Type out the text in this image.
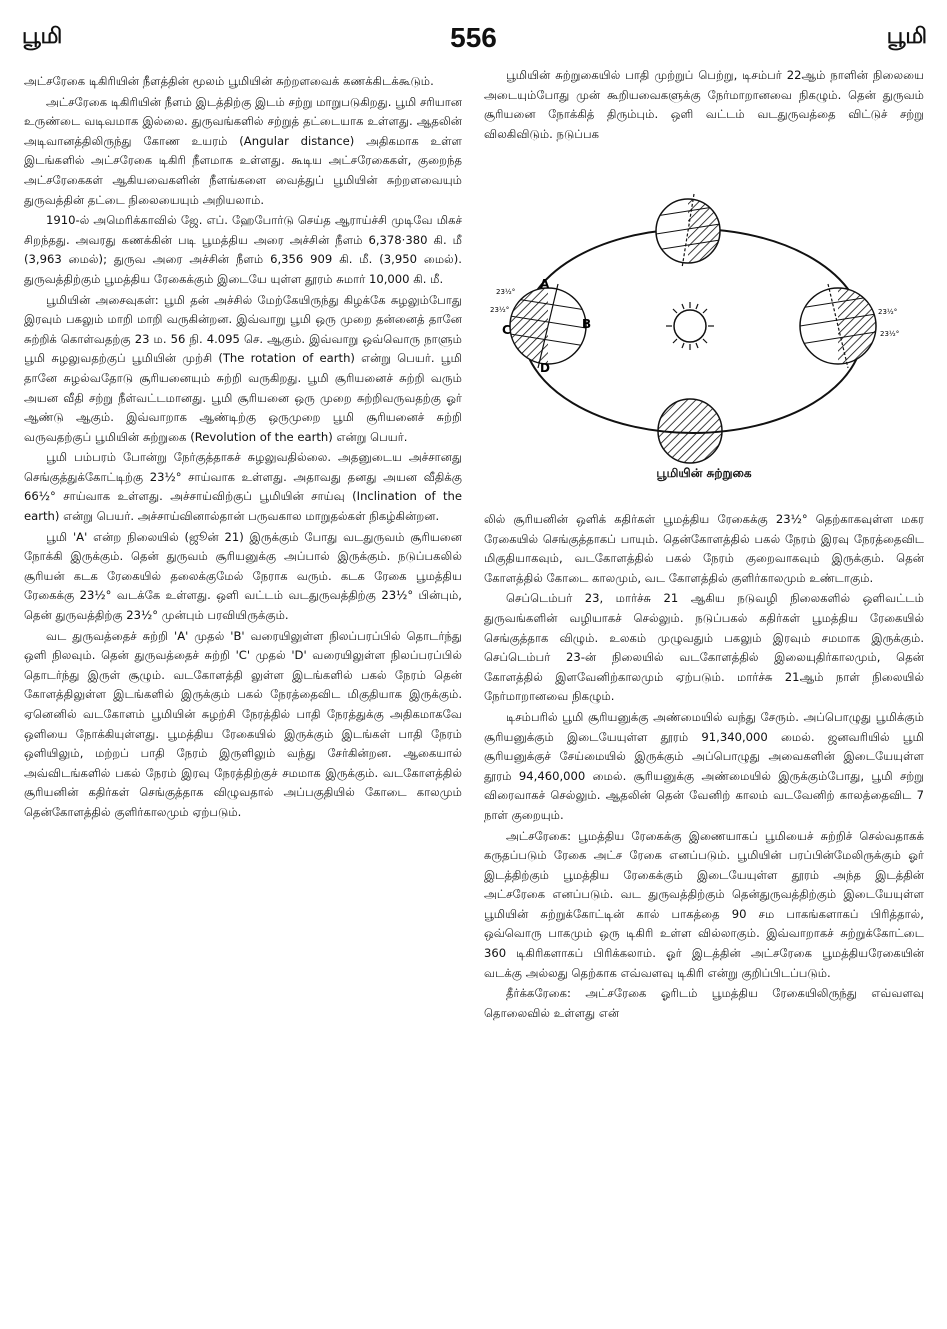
பூமி	556	பூமி

அட்சரேகை டிகிரியின் நீளத்தின் மூலம் பூமியின் சுற்றளவைக் கணக்கிடக்கூடும்.

அட்சரேகை டிகிரியின் நீளம் இடத்திற்கு இடம் சற்று மாறுபடுகிறது. பூமி சரியான உருண்டை வடிவமாக இல்லை. துருவங்களில் சற்றுத் தட்டையாக உள்ளது. ஆதலின் அடிவானத்திலிருந்து கோண உயரம் (Angular distance) அதிகமாக உள்ள இடங்களில் அட்சரேகை டிகிரி நீளமாக உள்ளது. கூடிய அட்சரேகைகள், குறைந்த அட்சரேகைகள் ஆகியவைகளின் நீளங்களை வைத்துப் பூமியின் சுற்றளவையும் துருவத்தின் தட்டை நிலையையும் அறியலாம்.

1910-ல் அமெரிக்காவில் ஜே. எப். ஹேபோர்டு செய்த ஆராய்ச்சி முடிவே மிகச் சிறந்தது. அவரது கணக்கின் படி பூமத்திய அரை அச்சின் நீளம் 6,378·380 கி. மீ (3,963 மைல்); துருவ அரை அச்சின் நீளம் 6,356 909 கி. மீ. (3,950 மைல்). துருவத்திற்கும் பூமத்திய ரேகைக்கும் இடையே யுள்ள தூரம் சுமார் 10,000 கி. மீ.

பூமியின் அசைவுகள்: பூமி தன் அச்சில் மேற்கேயிருந்து கிழக்கே சுழலும்போது இரவும் பகலும் மாறி மாறி வருகின்றன. இவ்வாறு பூமி ஒரு முறை தன்னைத் தானே சுற்றிக் கொள்வதற்கு 23 ம. 56 நி. 4.095 செ. ஆகும். இவ்வாறு ஒவ்வொரு நாளும் பூமி சுழலுவதற்குப் பூமியின் முற்சி (The rotation of earth) என்று பெயர். பூமி தானே சுழல்வதோடு சூரியனையும் சுற்றி வருகிறது. பூமி சூரியனைச் சுற்றி வரும் அயன வீதி சற்று நீள்வட்டமானது. பூமி சூரியனை ஒரு முறை சுற்றிவருவதற்கு ஓர் ஆண்டு ஆகும். இவ்வாறாக ஆண்டிற்கு ஒருமுறை பூமி சூரியனைச் சுற்றி வருவதற்குப் பூமியின் சுற்றுகை (Revolution of the earth) என்று பெயர்.

பூமி பம்பரம் போன்று நேர்குத்தாகச் சுழலுவதில்லை. அதனுடைய அச்சானது செங்குத்துக்கோட்டிற்கு 23½° சாய்வாக உள்ளது. அதாவது தனது அயன வீதிக்கு 66½° சாய்வாக உள்ளது. அச்சாய்விற்குப் பூமியின் சாய்வு (Inclination of the earth) என்று பெயர். அச்சாய்வினால்தான் பருவகால மாறுதல்கள் நிகழ்கின்றன.

பூமி 'A' என்ற நிலையில் (ஜூன் 21) இருக்கும் போது வடதுருவம் சூரியனை நோக்கி இருக்கும். தென் துருவம் சூரியனுக்கு அப்பால் இருக்கும். நடுப்பகலில் சூரியன் கடக ரேகையில் தலைக்குமேல் நேராக வரும். கடக ரேகை பூமத்திய ரேகைக்கு 23½° வடக்கே உள்ளது. ஒளி வட்டம் வடதுருவத்திற்கு 23½° பின்பும், தென் துருவத்திற்கு 23½° முன்பும் பரவியிருக்கும்.

வட துருவத்தைச் சுற்றி 'A' முதல் 'B' வரையிலுள்ள நிலப்பரப்பில் தொடர்ந்து ஒளி நிலவும். தென் துருவத்தைச் சுற்றி 'C' முதல் 'D' வரையிலுள்ள நிலப்பரப்பில் தொடர்ந்து இருள் சூழும். வடகோளத்தி லுள்ள இடங்களில் பகல் நேரம் தென் கோளத்திலுள்ள இடங்களில் இருக்கும் பகல் நேரத்தைவிட மிகுதியாக இருக்கும். ஏனெனில் வடகோளம் பூமியின் சுழற்சி நேரத்தில் பாதி நேரத்துக்கு அதிகமாகவே ஒளியை நோக்கியுள்ளது. பூமத்திய ரேகையில் இருக்கும் இடங்கள் பாதி நேரம் ஒளியிலும், மற்றப் பாதி நேரம் இருளிலும் வந்து சேர்கின்றன. ஆகையால் அவ்விடங்களில் பகல் நேரம் இரவு நேரத்திற்குச் சமமாக இருக்கும். வடகோளத்தில் சூரியனின் கதிர்கள் செங்குத்தாக விழுவதால் அப்பகுதியில் கோடை காலமும் தென்கோளத்தில் குளிர்காலமும் ஏற்படும்.

பூமியின் சுற்றுகையில் பாதி முற்றுப் பெற்று, டிசம்பர் 22ஆம் நாளின் நிலையை அடையும்போது முன் கூறியவைகளுக்கு நேர்மாறானவை நிகழும். தென் துருவம் சூரியனை நோக்கித் திரும்பும். ஒளி வட்டம் வடதுருவத்தை விட்டுச் சற்று விலகிவிடும். நடுப்பக

A
B
C
D
23½°
23½°	23½°
23½°
பூமியின் சுற்றுகை

லில் சூரியனின் ஒளிக் கதிர்கள் பூமத்திய ரேகைக்கு 23½° தெற்காகவுள்ள மகர ரேகையில் செங்குத்தாகப் பாயும். தென்கோளத்தில் பகல் நேரம் இரவு நேரத்தைவிட மிகுதியாகவும், வடகோளத்தில் பகல் நேரம் குறைவாகவும் இருக்கும். தென் கோளத்தில் கோடை காலமும், வட கோளத்தில் குளிர்காலமும் உண்டாகும்.

செப்டெம்பர் 23, மார்ச்சு 21 ஆகிய நடுவழி நிலைகளில் ஒளிவட்டம் துருவங்களின் வழியாகச் செல்லும். நடுப்பகல் கதிர்கள் பூமத்திய ரேகையில் செங்குத்தாக விழும். உலகம் முழுவதும் பகலும் இரவும் சமமாக இருக்கும். செப்டெம்பர் 23-ன் நிலையில் வடகோளத்தில் இலையுதிர்காலமும், தென் கோளத்தில் இளவேனிற்காலமும் ஏற்படும். மார்ச்சு 21ஆம் நாள் நிலையில் நேர்மாறானவை நிகழும்.

டிசம்பரில் பூமி சூரியனுக்கு அண்மையில் வந்து சேரும். அப்பொழுது பூமிக்கும் சூரியனுக்கும் இடையேயுள்ள தூரம் 91,340,000 மைல். ஜனவரியில் பூமி சூரியனுக்குச் சேய்மையில் இருக்கும் அப்பொழுது அவைகளின் இடையேயுள்ள தூரம் 94,460,000 மைல். சூரியனுக்கு அண்மையில் இருக்கும்போது, பூமி சற்று விரைவாகச் செல்லும். ஆதலின் தென் வேனிற் காலம் வடவேனிற் காலத்தைவிட 7 நாள் குறையும்.

அட்சரேகை: பூமத்திய ரேகைக்கு இணையாகப் பூமியைச் சுற்றிச் செல்வதாகக் கருதப்படும் ரேகை அட்ச ரேகை எனப்படும். பூமியின் பரப்பின்மேலிருக்கும் ஓர் இடத்திற்கும் பூமத்திய ரேகைக்கும் இடையேயுள்ள தூரம் அந்த இடத்தின் அட்சரேகை எனப்படும். வட துருவத்திற்கும் தென்துருவத்திற்கும் இடையேயுள்ள பூமியின் சுற்றுக்கோட்டின் கால் பாகத்தை 90 சம பாகங்களாகப் பிரித்தால், ஒவ்வொரு பாகமும் ஒரு டிகிரி உள்ள வில்லாகும். இவ்வாறாகச் சுற்றுக்கோட்டை 360 டிகிரிகளாகப் பிரிக்கலாம். ஓர் இடத்தின் அட்சரேகை பூமத்தியரேகையின் வடக்கு அல்லது தெற்காக எவ்வளவு டிகிரி என்று குறிப்பிடப்படும்.

தீர்க்கரேகை: அட்சரேகை ஓரிடம் பூமத்திய ரேகையிலிருந்து எவ்வளவு தொலைவில் உள்ளது என்
